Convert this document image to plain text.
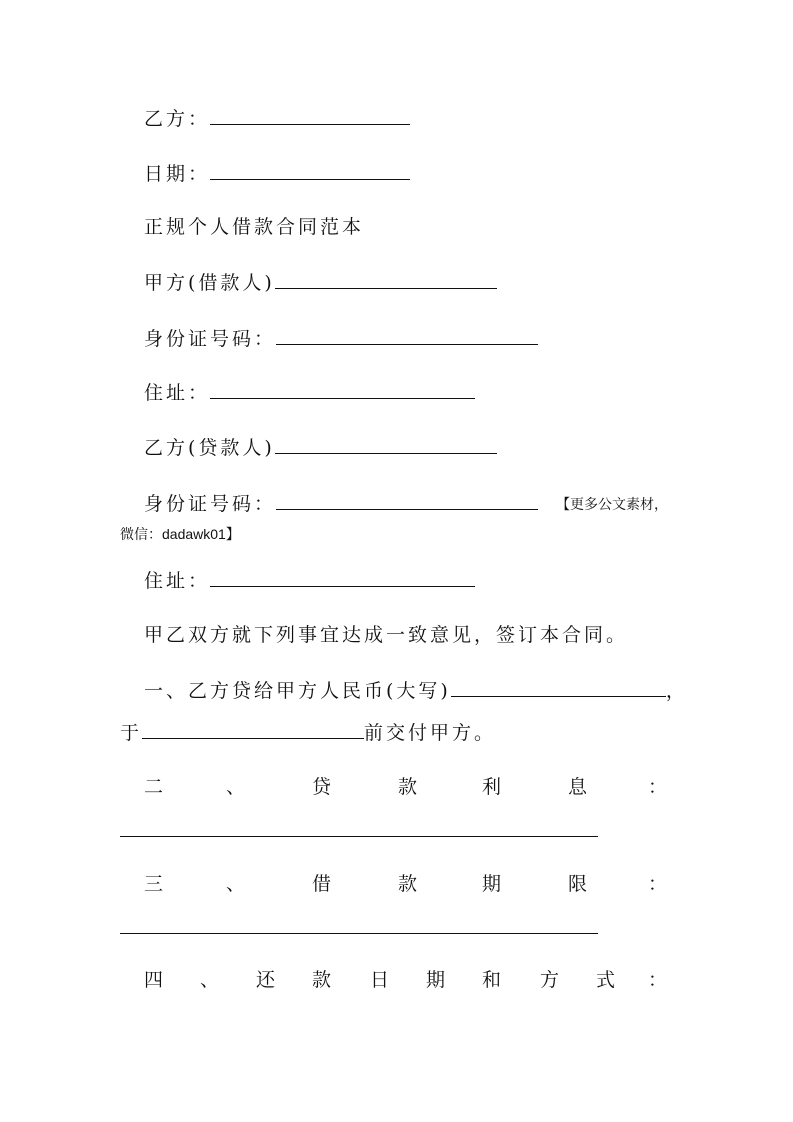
乙方：
日期：
正规个人借款合同范本
甲方(借款人)
身份证号码：
住址：
乙方(贷款人)
身份证号码：	【更多公文素材，
微信：dadawk01】
住址：
甲乙双方就下列事宜达成一致意见，签订本合同。
一、乙方贷给甲方人民币(大写)	，
于	前交付甲方。
二	、	贷	款	利	息	：
三	、	借	款	期	限	：
四 、 还 款 日 期 和 方 式 ：
